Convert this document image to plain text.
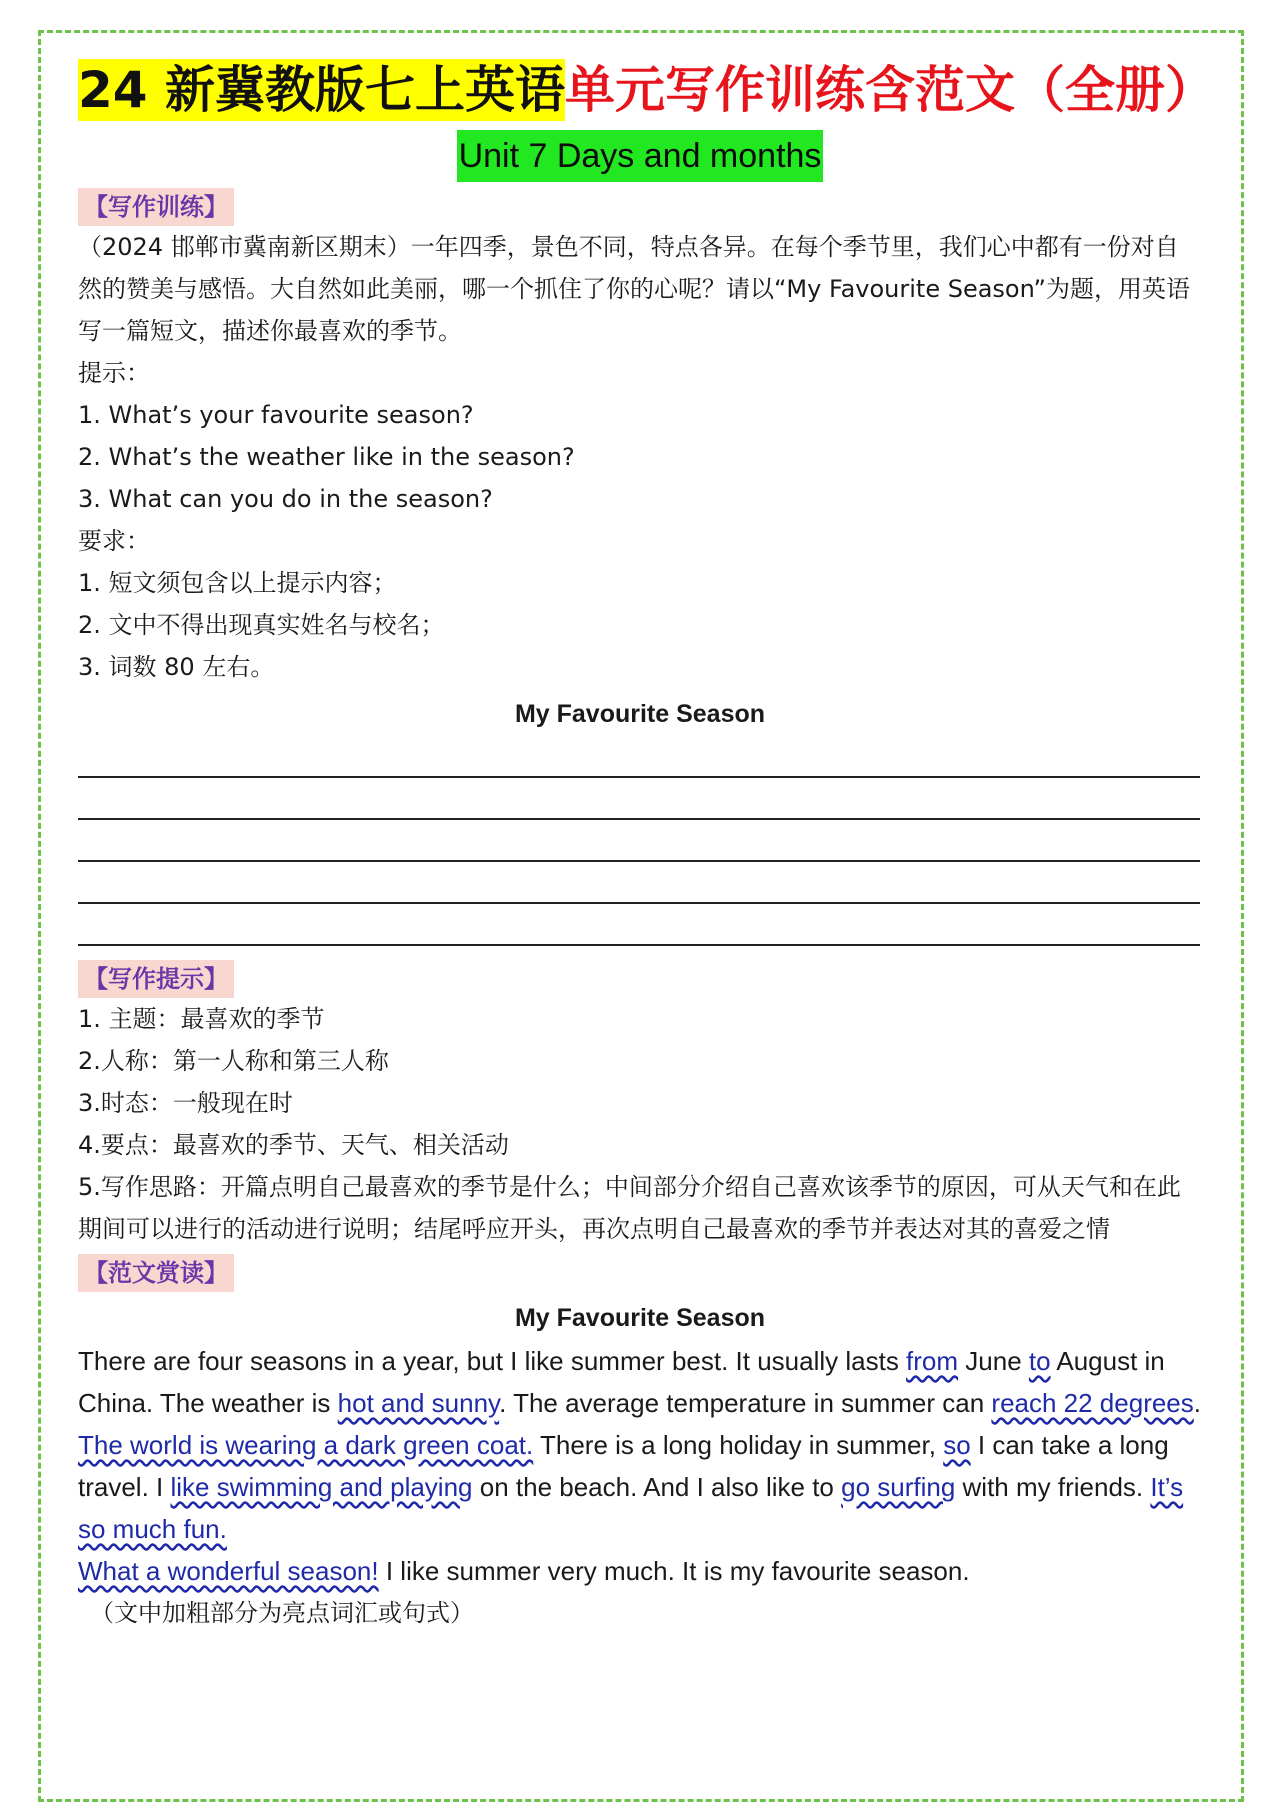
24 新冀教版七上英语单元写作训练含范文（全册）
Unit 7 Days and months
【写作训练】

（2024 邯郸市冀南新区期末）一年四季，景色不同，特点各异。在每个季节里，我们心中都有一份对自然的赞美与感悟。大自然如此美丽，哪一个抓住了你的心呢？请以“My Favourite Season”为题，用英语写一篇短文，描述你最喜欢的季节。

提示：

1. What’s your favourite season?

2. What’s the weather like in the season?

3. What can you do in the season?

要求：

1. 短文须包含以上提示内容；

2. 文中不得出现真实姓名与校名；

3. 词数 80 左右。

My Favourite Season
【写作提示】

1. 主题：最喜欢的季节

2.人称：第一人称和第三人称

3.时态：一般现在时

4.要点：最喜欢的季节、天气、相关活动

5.写作思路：开篇点明自己最喜欢的季节是什么；中间部分介绍自己喜欢该季节的原因，可从天气和在此期间可以进行的活动进行说明；结尾呼应开头，再次点明自己最喜欢的季节并表达对其的喜爱之情

【范文赏读】
My Favourite Season

There are four seasons in a year, but I like summer best. It usually lasts from June to August in China. The weather is hot and sunny. The average temperature in summer can reach 22 degrees. The world is wearing a dark green coat. There is a long holiday in summer, so I can take a long travel. I like swimming and playing on the beach. And I also like to go surfing with my friends. It’s so much fun.

What a wonderful season! I like summer very much. It is my favourite season.

（文中加粗部分为亮点词汇或句式）
